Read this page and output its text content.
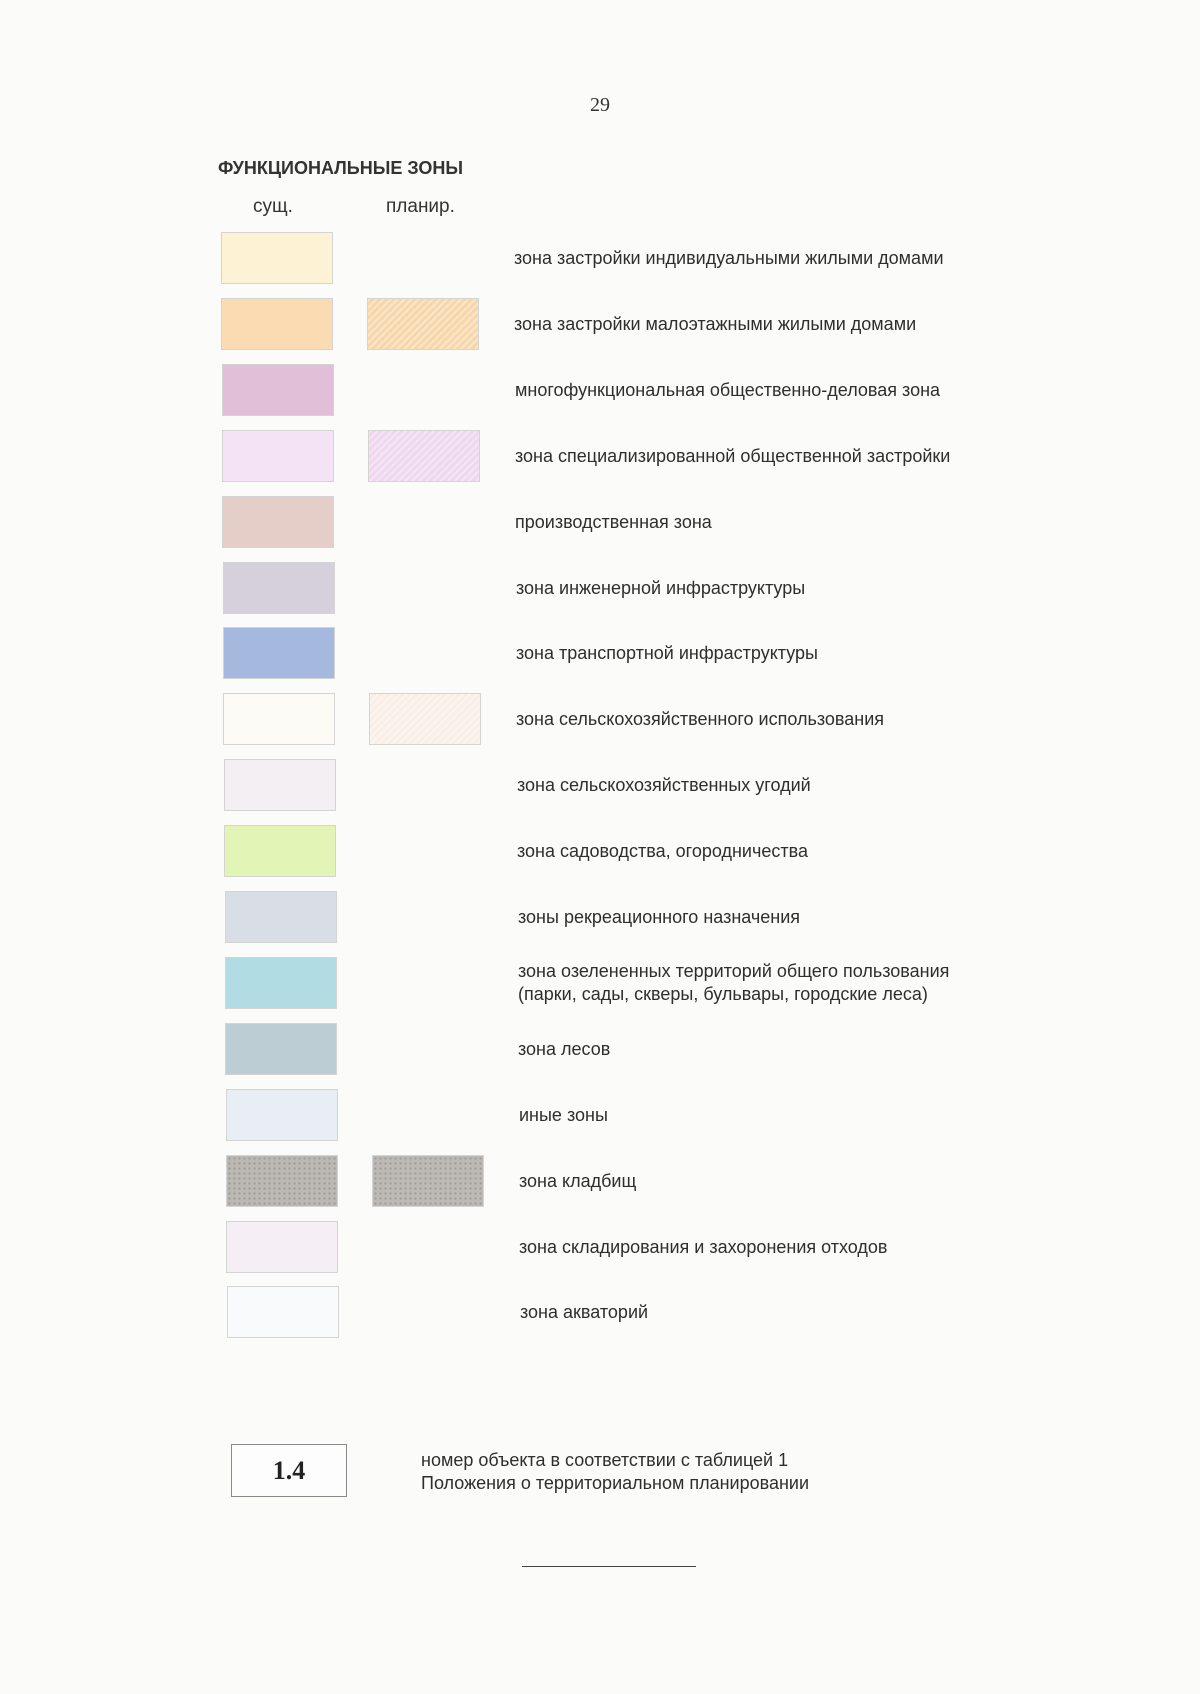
29
ФУНКЦИОНАЛЬНЫЕ ЗОНЫ
сущ.	планир.
зона застройки индивидуальными жилыми домами
зона застройки малоэтажными жилыми домами
многофункциональная общественно-деловая зона
зона специализированной общественной застройки
производственная зона
зона инженерной инфраструктуры
зона транспортной инфраструктуры
зона сельскохозяйственного использования
зона сельскохозяйственных угодий
зона садоводства, огородничества
зоны рекреационного назначения
зона озелененных территорий общего пользования
(парки, сады, скверы, бульвары, городские леса)
зона лесов
иные зоны
зона кладбищ
зона складирования и захоронения отходов
зона акваторий
1.4	номер объекта в соответствии с таблицей 1
Положения о территориальном планировании
